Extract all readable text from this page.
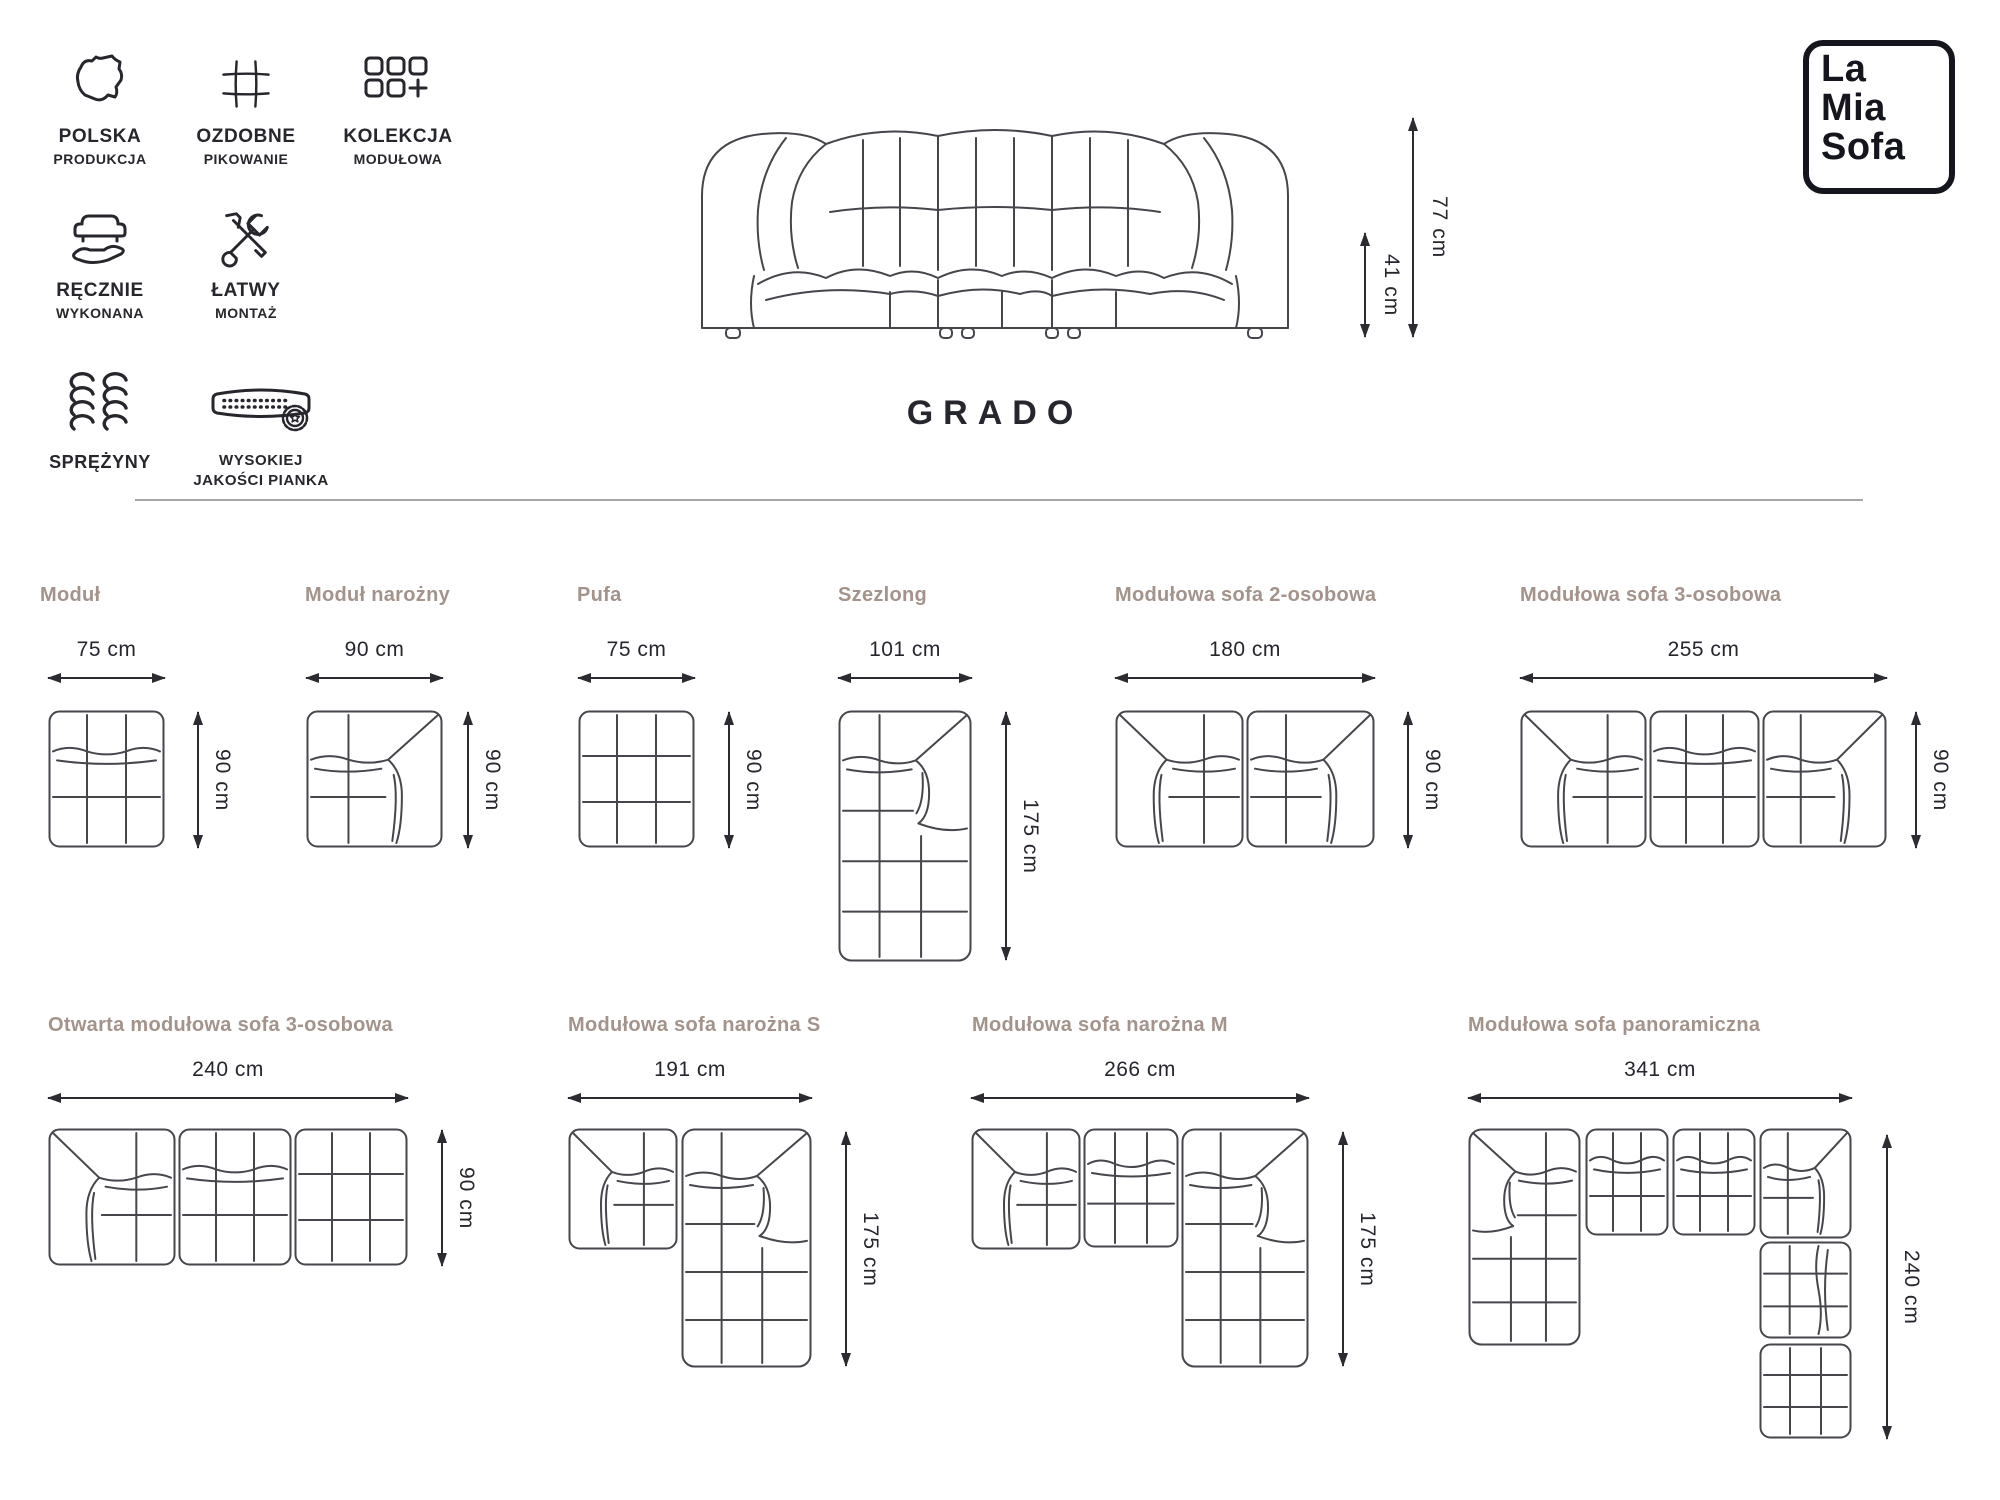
POLSKA
PRODUKCJA
OZDOBNE
PIKOWANIE
KOLEKCJA
MODUŁOWA
RĘCZNIE
WYKONANA
ŁATWY
MONTAŻ
SPRĘŻYNY	WYSOKIEJ
JAKOŚCI PIANKA
La
Mia
Sofa
41 cm
77 cm
GRADO
Moduł
75 cm
90 cm
Moduł narożny
90 cm
90 cm
Pufa
75 cm
90 cm
Szezlong
101 cm
175 cm
Modułowa sofa 2-osobowa
180 cm
90 cm
Modułowa sofa 3-osobowa
255 cm
90 cm
Otwarta modułowa sofa 3-osobowa
240 cm
90 cm
Modułowa sofa narożna S
191 cm
175 cm
Modułowa sofa narożna M
266 cm
175 cm
Modułowa sofa panoramiczna
341 cm
240 cm
